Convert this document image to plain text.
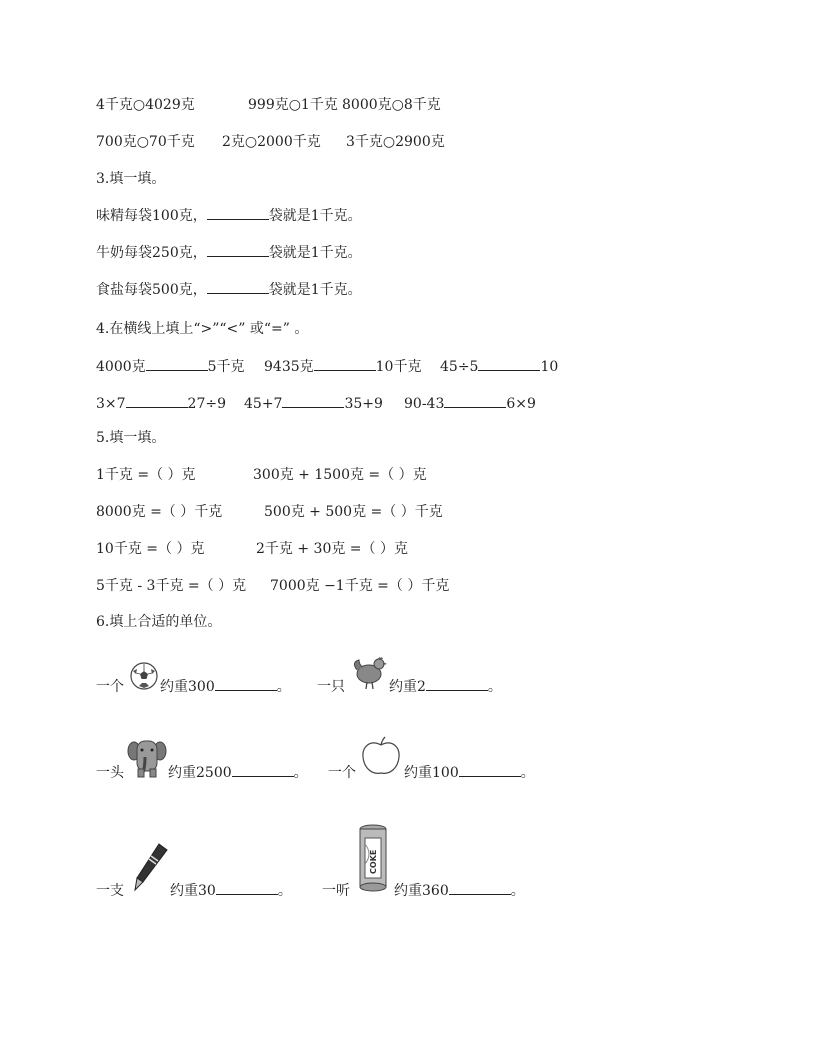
4千克○4029克	999克○1千克 8000克○8千克
700克○70千克 2克○2000千克 3千克○2900克
3.填一填。
味精每袋100克，	袋就是1千克。
牛奶每袋250克，	袋就是1千克。
食盐每袋500克，	袋就是1千克。
4.在横线上填上“>”“<” 或“=” 。
4000克	5千克 9435克	10千克 45÷5	10
3×7	27÷9 45+7	35+9 90-43	6×9
5.填一填。
1千克 =（ ）克	300克 + 1500克 =（ ）克
8000克 =（ ）千克	500克 + 500克 =（ ）千克
10千克 =（ ）克	2千克 + 30克 =（ ）克
5千克 - 3千克 =（ ）克 7000克 −1千克 =（ ）千克
6.填上合适的单位。
一个	约重300	。 一只	约重2	。
一头	约重2500	。 一个	约重100	。
一支	约重30	。 一听	约重360	。
COKE
